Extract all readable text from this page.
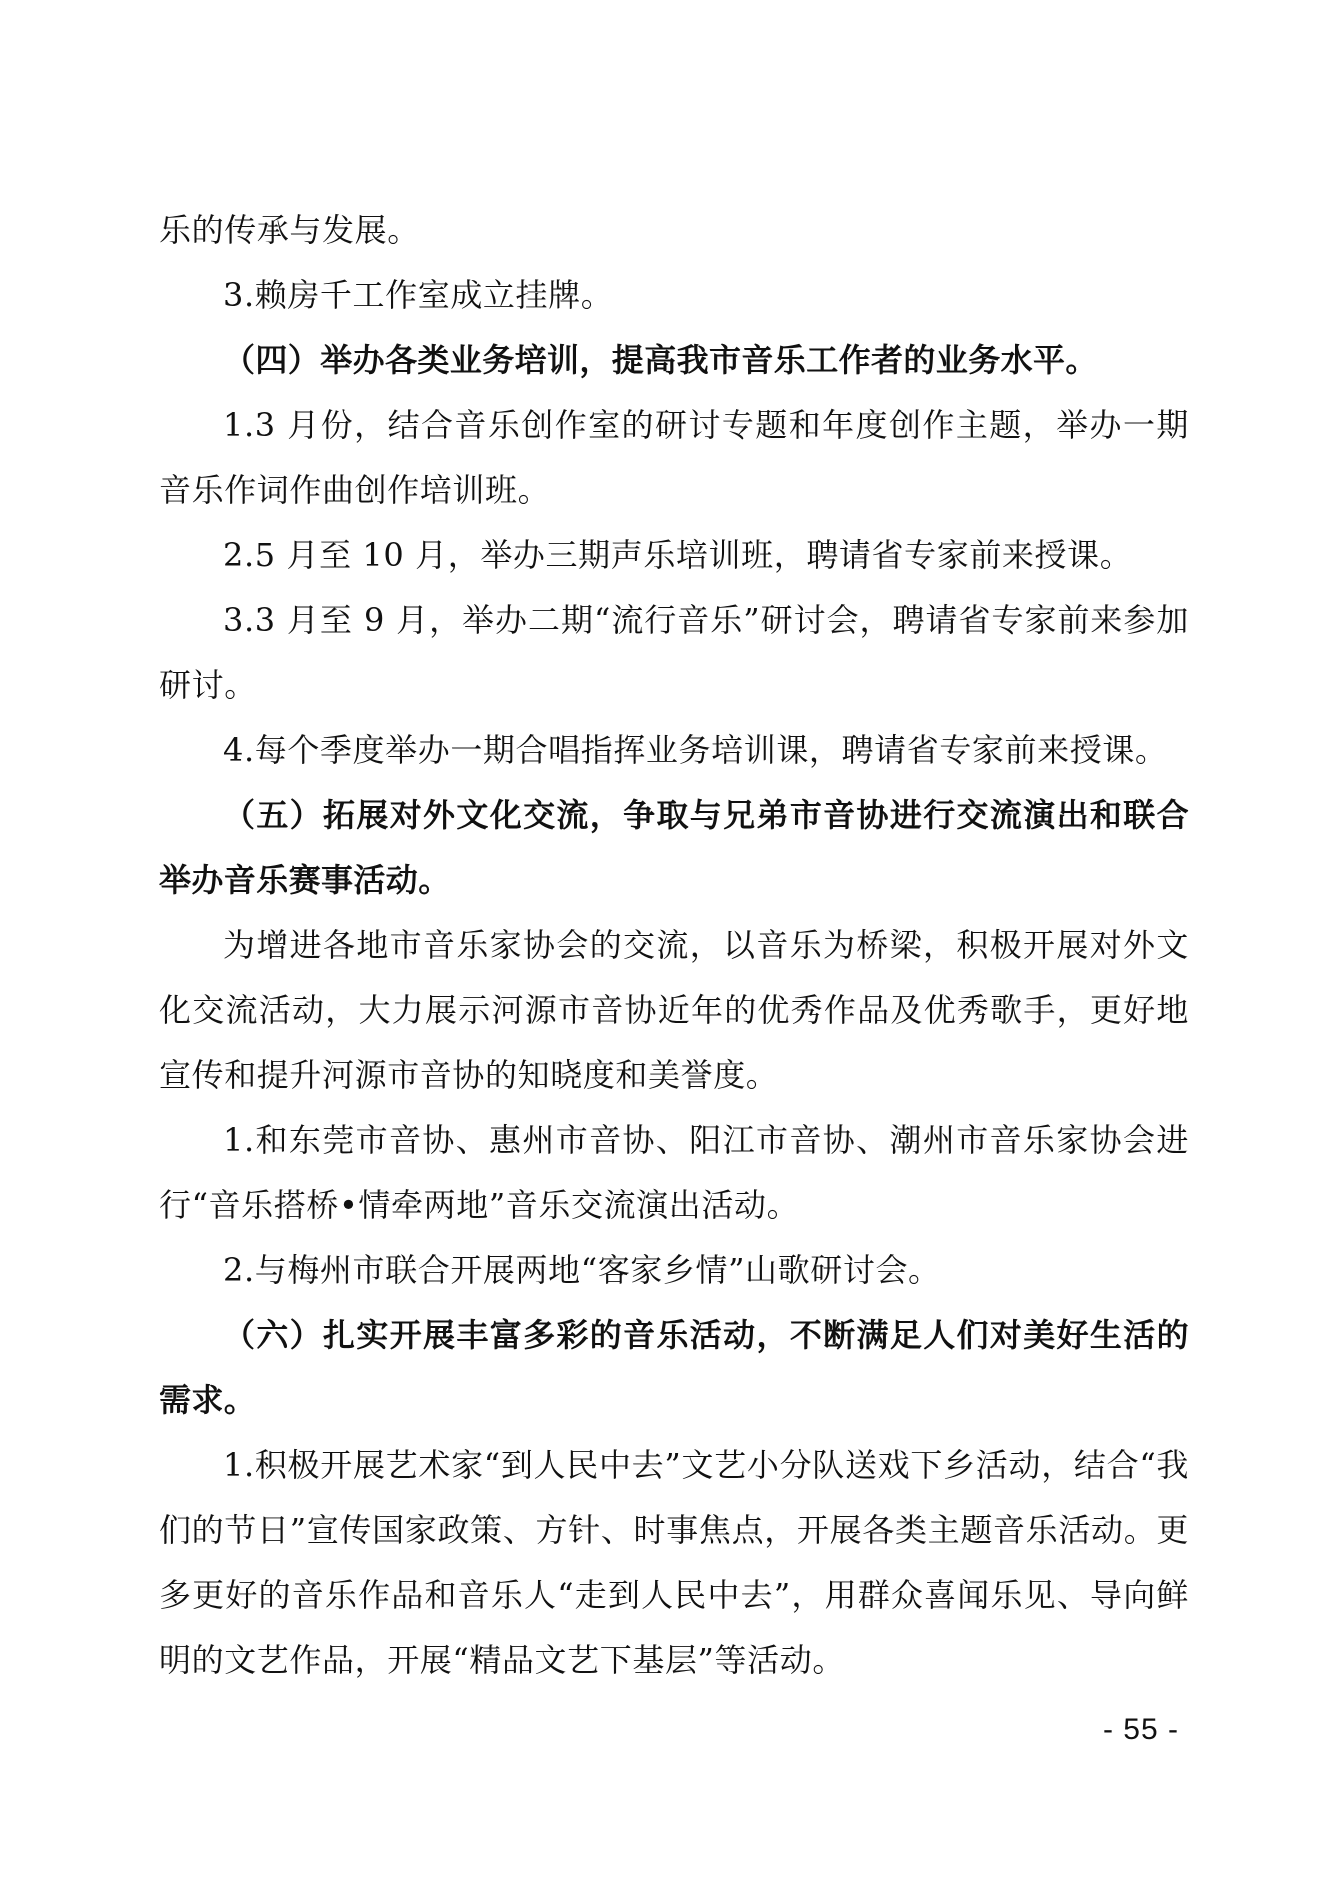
乐的传承与发展。

3.赖房千工作室成立挂牌。

（四）举办各类业务培训，提高我市音乐工作者的业务水平。

1.3 月份，结合音乐创作室的研讨专题和年度创作主题，举办一期音乐作词作曲创作培训班。

2.5 月至 10 月，举办三期声乐培训班，聘请省专家前来授课。

3.3 月至 9 月，举办二期“流行音乐”研讨会，聘请省专家前来参加研讨。

4.每个季度举办一期合唱指挥业务培训课，聘请省专家前来授课。

（五）拓展对外文化交流，争取与兄弟市音协进行交流演出和联合举办音乐赛事活动。

为增进各地市音乐家协会的交流，以音乐为桥梁，积极开展对外文化交流活动，大力展示河源市音协近年的优秀作品及优秀歌手，更好地宣传和提升河源市音协的知晓度和美誉度。

1.和东莞市音协、惠州市音协、阳江市音协、潮州市音乐家协会进行“音乐搭桥•情牵两地”音乐交流演出活动。

2.与梅州市联合开展两地“客家乡情”山歌研讨会。

（六）扎实开展丰富多彩的音乐活动，不断满足人们对美好生活的需求。

1.积极开展艺术家“到人民中去”文艺小分队送戏下乡活动，结合“我们的节日”宣传国家政策、方针、时事焦点，开展各类主题音乐活动。更多更好的音乐作品和音乐人“走到人民中去”，用群众喜闻乐见、导向鲜明的文艺作品，开展“精品文艺下基层”等活动。

- 55 -
